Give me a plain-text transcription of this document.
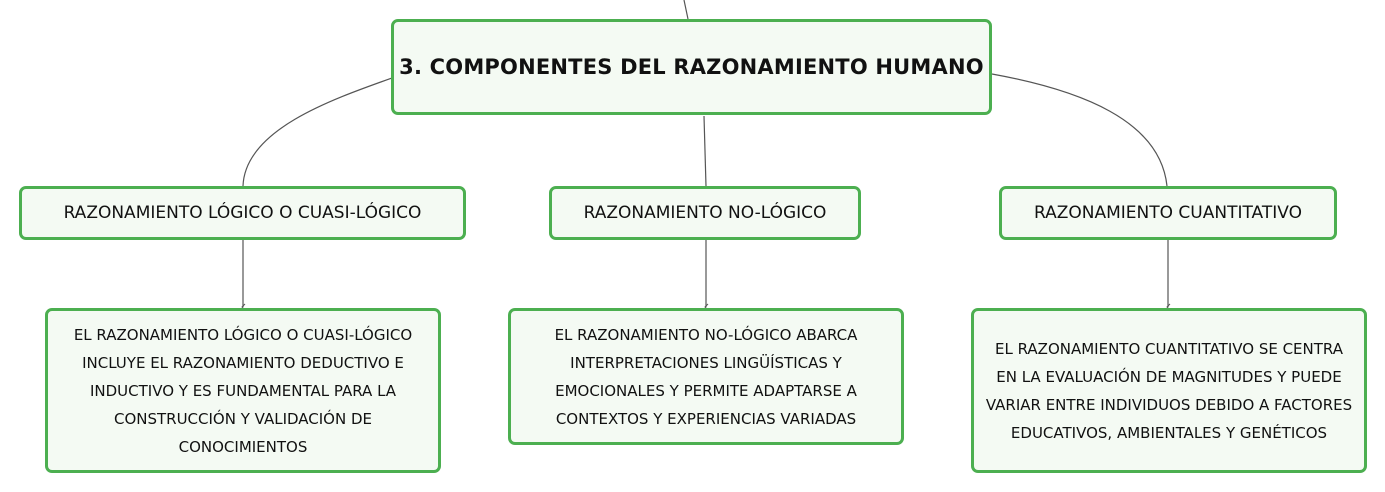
3. COMPONENTES DEL RAZONAMIENTO HUMANO
RAZONAMIENTO LÓGICO O CUASI-LÓGICO	RAZONAMIENTO NO-LÓGICO	RAZONAMIENTO CUANTITATIVO
EL RAZONAMIENTO LÓGICO O CUASI-LÓGICO INCLUYE EL RAZONAMIENTO DEDUCTIVO E INDUCTIVO Y ES FUNDAMENTAL PARA LA CONSTRUCCIÓN Y VALIDACIÓN DE CONOCIMIENTOS
EL RAZONAMIENTO NO-LÓGICO ABARCA INTERPRETACIONES LINGÜÍSTICAS Y EMOCIONALES Y PERMITE ADAPTARSE A CONTEXTOS Y EXPERIENCIAS VARIADAS
EL RAZONAMIENTO CUANTITATIVO SE CENTRA EN LA EVALUACIÓN DE MAGNITUDES Y PUEDE VARIAR ENTRE INDIVIDUOS DEBIDO A FACTORES EDUCATIVOS, AMBIENTALES Y GENÉTICOS
